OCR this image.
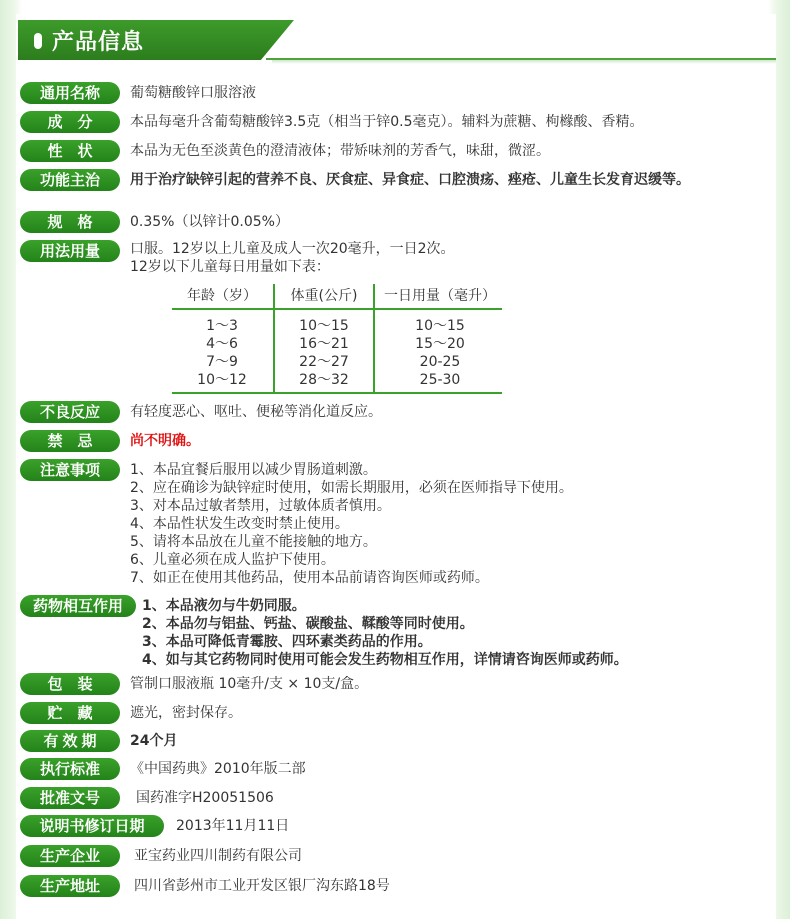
产品信息
通用名称	葡萄糖酸锌口服溶液
成　分	本品每毫升含葡萄糖酸锌3.5克（相当于锌0.5毫克）。辅料为蔗糖、枸橼酸、香精。
性　状	本品为无色至淡黄色的澄清液体；带矫味剂的芳香气，味甜，微涩。
功能主治	用于治疗缺锌引起的营养不良、厌食症、异食症、口腔溃疡、痤疮、儿童生长发育迟缓等。
规　格	0.35%（以锌计0.05%）
用法用量	口服。12岁以上儿童及成人一次20毫升，一日2次。
12岁以下儿童每日用量如下表：
年龄（岁）	体重(公斤)	一日用量（毫升）
1～3	10～15	10～15
4～6	16～21	15～20
7～9	22～27	20-25
10～12	28～32	25-30
不良反应	有轻度恶心、呕吐、便秘等消化道反应。
禁　忌	尚不明确。
注意事项	1、本品宜餐后服用以减少胃肠道刺激。
2、应在确诊为缺锌症时使用，如需长期服用，必须在医师指导下使用。
3、对本品过敏者禁用，过敏体质者慎用。
4、本品性状发生改变时禁止使用。
5、请将本品放在儿童不能接触的地方。
6、儿童必须在成人监护下使用。
7、如正在使用其他药品，使用本品前请咨询医师或药师。
药物相互作用	1、本品液勿与牛奶同服。
2、本品勿与铝盐、钙盐、碳酸盐、鞣酸等同时使用。
3、本品可降低青霉胺、四环素类药品的作用。
4、如与其它药物同时使用可能会发生药物相互作用，详情请咨询医师或药师。
包　装	管制口服液瓶 10毫升/支 × 10支/盒。
贮　藏	遮光，密封保存。
有效期	24个月
执行标准	《中国药典》2010年版二部
批准文号	国药准字H20051506
说明书修订日期	2013年11月11日
生产企业	亚宝药业四川制药有限公司
生产地址	四川省彭州市工业开发区银厂沟东路18号
